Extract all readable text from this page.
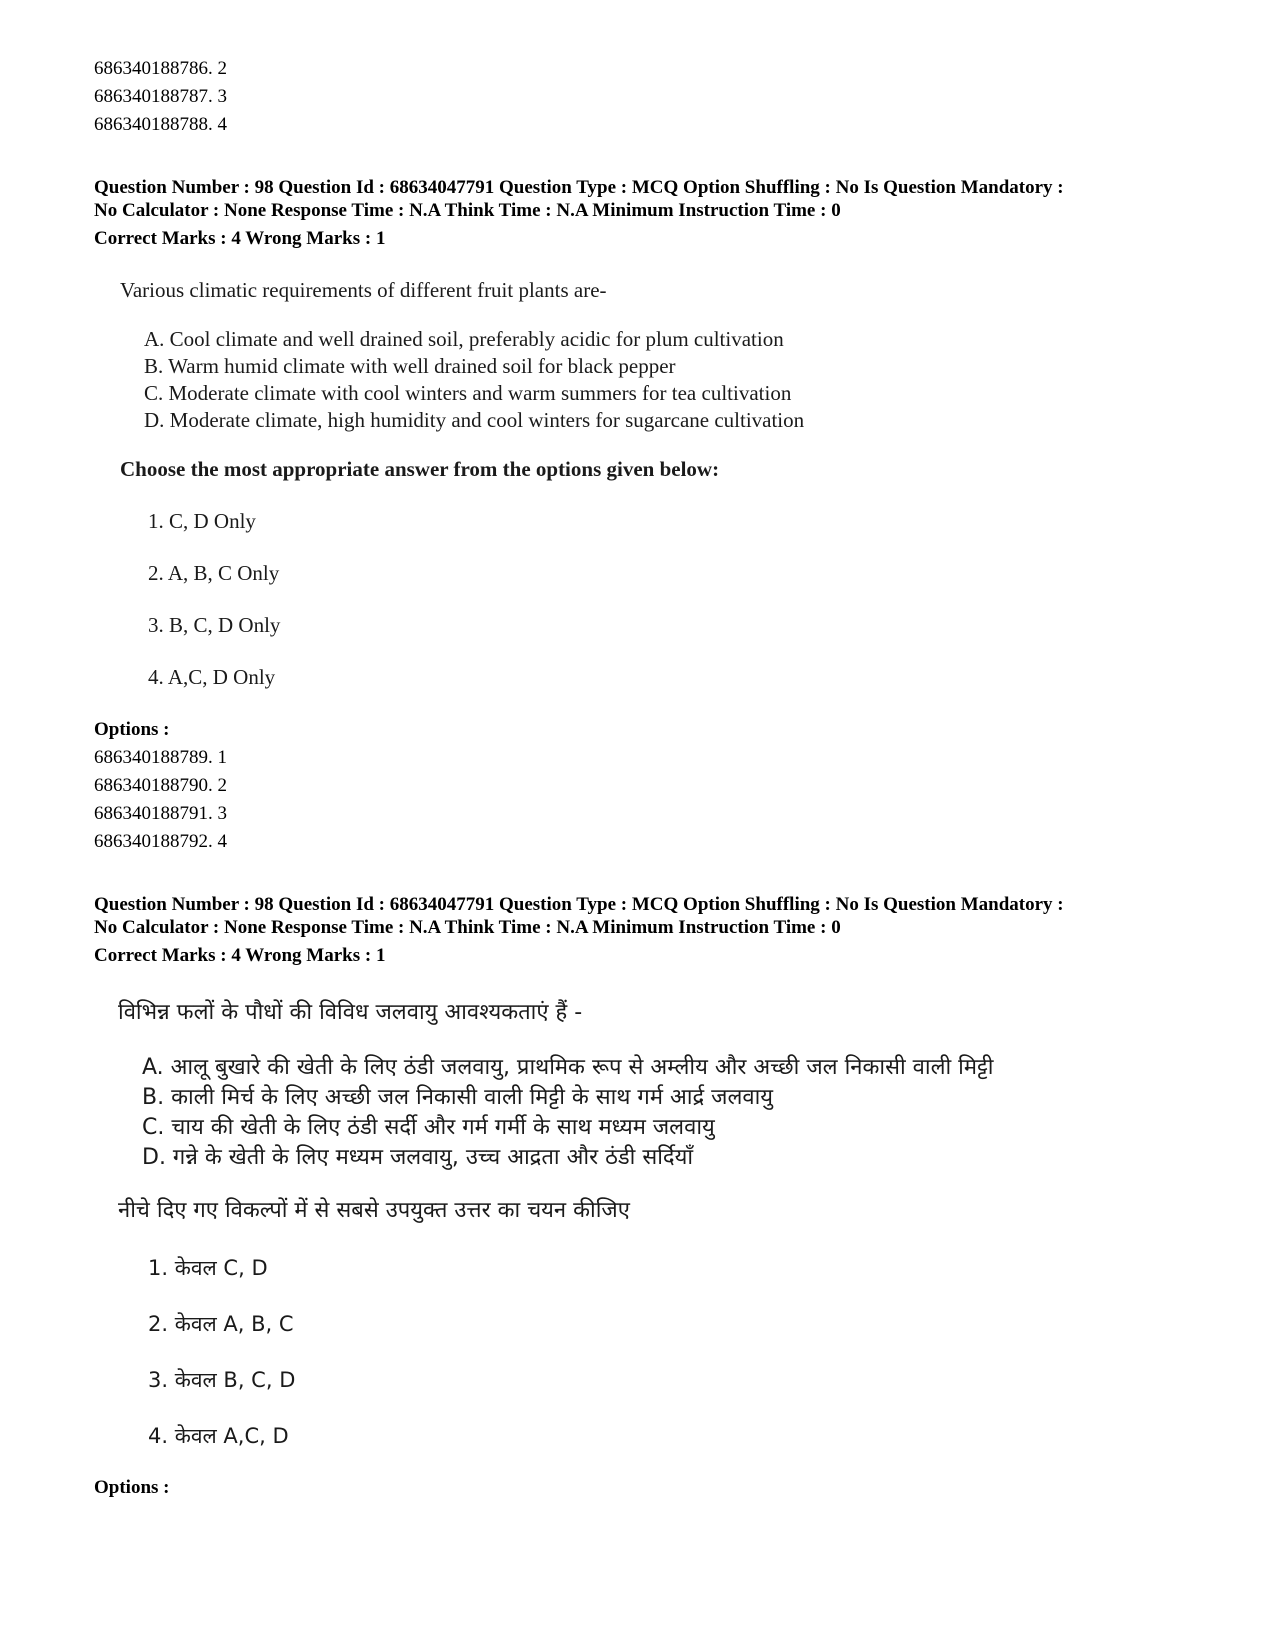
686340188786. 2
686340188787. 3
686340188788. 4
Question Number : 98 Question Id : 68634047791 Question Type : MCQ Option Shuffling : No Is Question Mandatory :
No Calculator : None Response Time : N.A Think Time : N.A Minimum Instruction Time : 0
Correct Marks : 4 Wrong Marks : 1
Various climatic requirements of different fruit plants are-
A. Cool climate and well drained soil, preferably acidic for plum cultivation
B. Warm humid climate with well drained soil for black pepper
C. Moderate climate with cool winters and warm summers for tea cultivation
D. Moderate climate, high humidity and cool winters for sugarcane cultivation
Choose the most appropriate answer from the options given below:
1. C, D Only
2. A, B, C Only
3. B, C, D Only
4. A,C, D Only
Options :
686340188789. 1
686340188790. 2
686340188791. 3
686340188792. 4
Question Number : 98 Question Id : 68634047791 Question Type : MCQ Option Shuffling : No Is Question Mandatory :
No Calculator : None Response Time : N.A Think Time : N.A Minimum Instruction Time : 0
Correct Marks : 4 Wrong Marks : 1
विभिन्न फलों के पौधों की विविध जलवायु आवश्यकताएं हैं -
A. आलू बुखारे की खेती के लिए ठंडी जलवायु, प्राथमिक रूप से अम्लीय और अच्छी जल निकासी वाली मिट्टी
B. काली मिर्च के लिए अच्छी जल निकासी वाली मिट्टी के साथ गर्म आर्द्र जलवायु
C. चाय की खेती के लिए ठंडी सर्दी और गर्म गर्मी के साथ मध्यम जलवायु
D. गन्ने के खेती के लिए मध्यम जलवायु, उच्च आद्रता और ठंडी सर्दियाँ
नीचे दिए गए विकल्पों में से सबसे उपयुक्त उत्तर का चयन कीजिए
1. केवल C, D
2. केवल A, B, C
3. केवल B, C, D
4. केवल A,C, D
Options :
